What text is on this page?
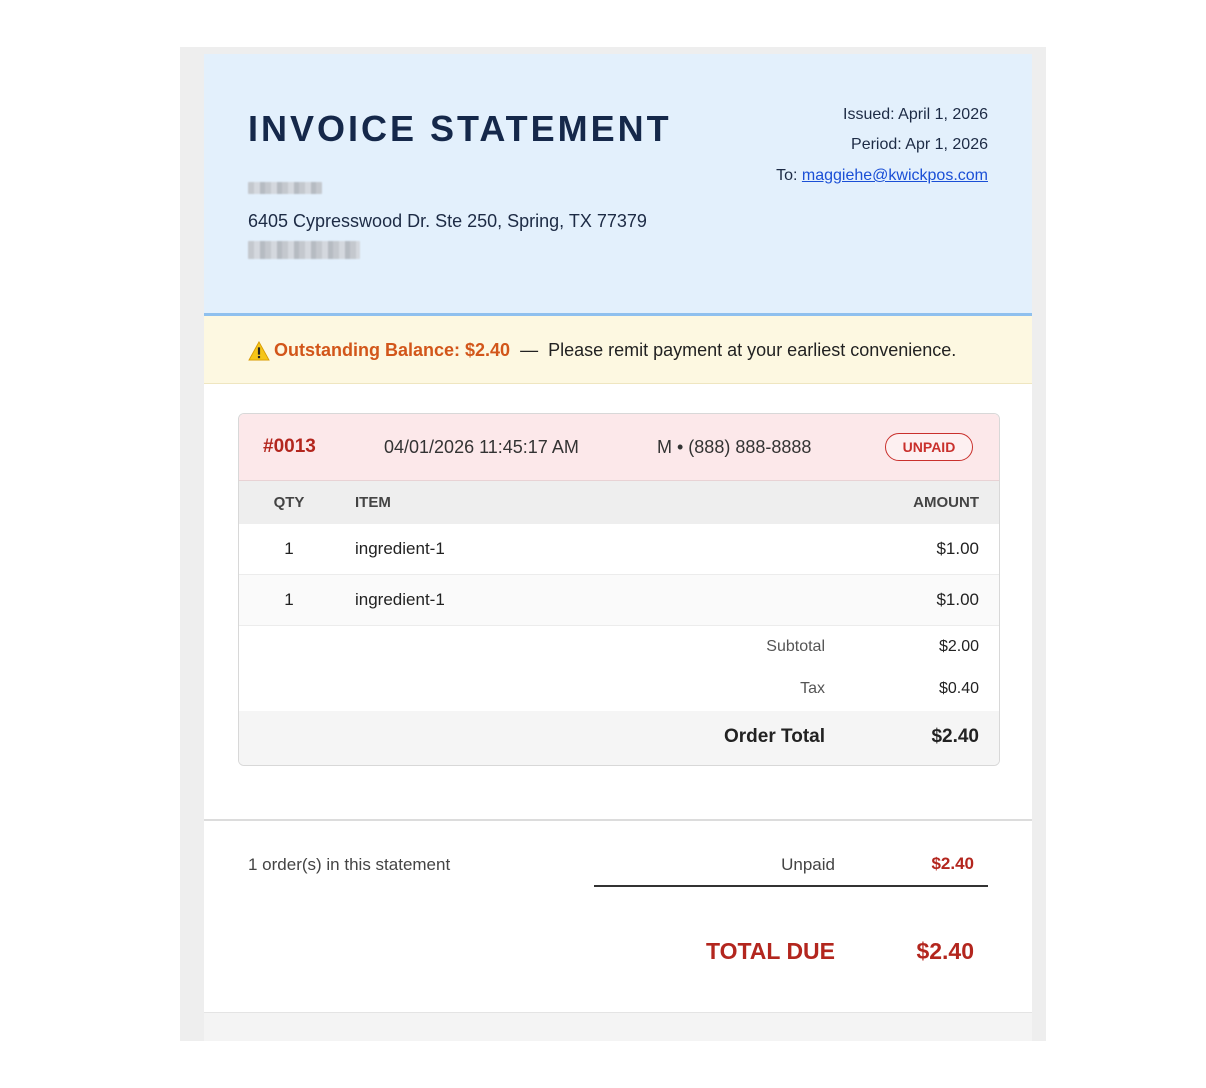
INVOICE STATEMENT
6405 Cypresswood Dr. Ste 250, Spring, TX 77379
Issued: April 1, 2026
Period: Apr 1, 2026
To: maggiehe@kwickpos.com
Outstanding Balance: $2.40 — Please remit payment at your earliest convenience.
#0013	04/01/2026 11:45:17 AM	M • (888) 888-8888	UNPAID
QTY	ITEM	AMOUNT
1	ingredient-1	$1.00
1	ingredient-1	$1.00
Subtotal	$2.00
Tax	$0.40
Order Total	$2.40
1 order(s) in this statement	Unpaid	$2.40
TOTAL DUE	$2.40
